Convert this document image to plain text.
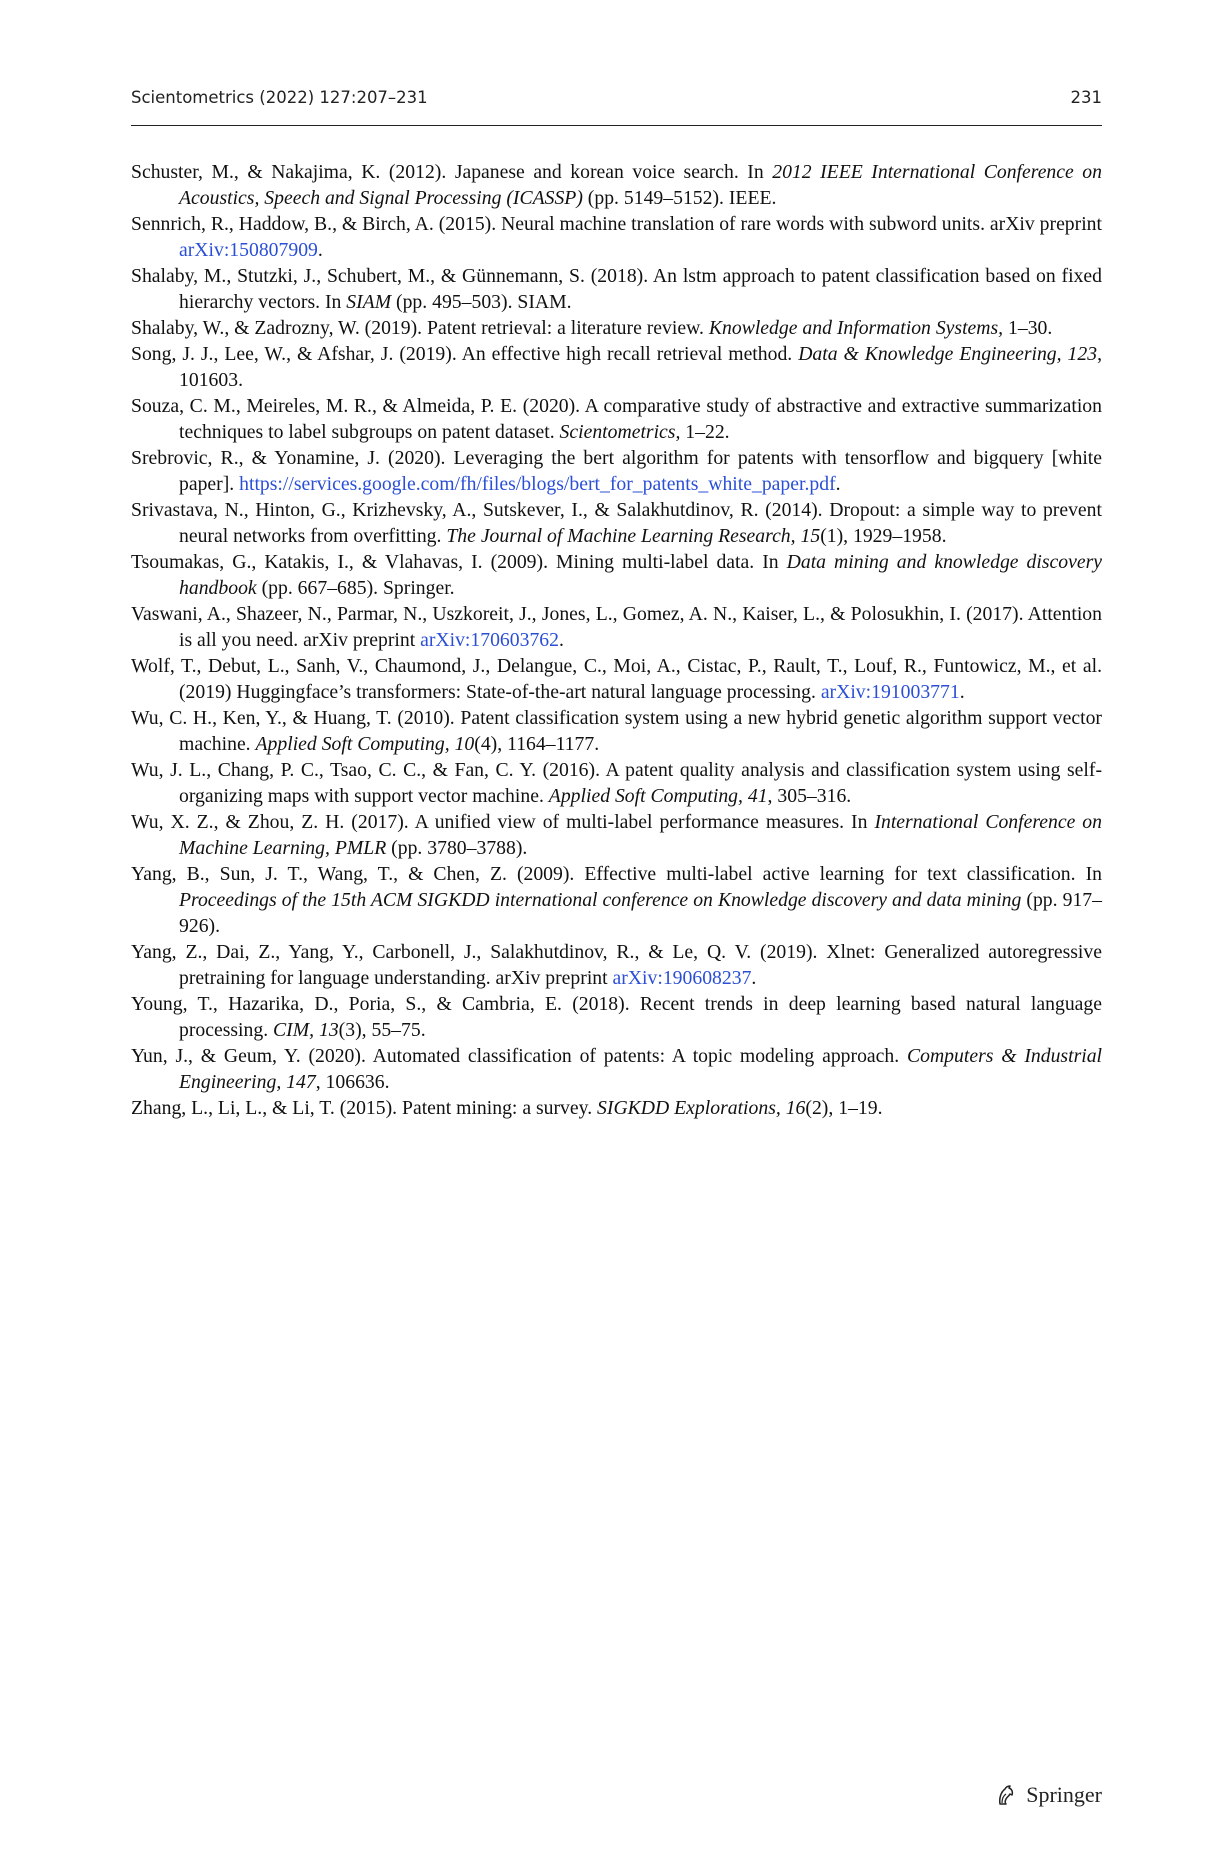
Scientometrics (2022) 127:207–231	231
Schuster, M., & Nakajima, K. (2012). Japanese and korean voice search. In 2012 IEEE International Conference on Acoustics, Speech and Signal Processing (ICASSP) (pp. 5149–5152). IEEE.
Sennrich, R., Haddow, B., & Birch, A. (2015). Neural machine translation of rare words with subword units. arXiv preprint arXiv:150807909.
Shalaby, M., Stutzki, J., Schubert, M., & Günnemann, S. (2018). An lstm approach to patent classification based on fixed hierarchy vectors. In SIAM (pp. 495–503). SIAM.
Shalaby, W., & Zadrozny, W. (2019). Patent retrieval: a literature review. Knowledge and Information Systems, 1–30.
Song, J. J., Lee, W., & Afshar, J. (2019). An effective high recall retrieval method. Data & Knowledge Engineering, 123, 101603.
Souza, C. M., Meireles, M. R., & Almeida, P. E. (2020). A comparative study of abstractive and extractive summarization techniques to label subgroups on patent dataset. Scientometrics, 1–22.
Srebrovic, R., & Yonamine, J. (2020). Leveraging the bert algorithm for patents with tensorflow and bigquery [white paper]. https://services.google.com/fh/files/blogs/bert_for_patents_white_paper.pdf.
Srivastava, N., Hinton, G., Krizhevsky, A., Sutskever, I., & Salakhutdinov, R. (2014). Dropout: a simple way to prevent neural networks from overfitting. The Journal of Machine Learning Research, 15(1), 1929–1958.
Tsoumakas, G., Katakis, I., & Vlahavas, I. (2009). Mining multi-label data. In Data mining and knowledge discovery handbook (pp. 667–685). Springer.
Vaswani, A., Shazeer, N., Parmar, N., Uszkoreit, J., Jones, L., Gomez, A. N., Kaiser, L., & Polosukhin, I. (2017). Attention is all you need. arXiv preprint arXiv:170603762.
Wolf, T., Debut, L., Sanh, V., Chaumond, J., Delangue, C., Moi, A., Cistac, P., Rault, T., Louf, R., Funtowicz, M., et al. (2019) Huggingface’s transformers: State-of-the-art natural language processing. arXiv:191003771.
Wu, C. H., Ken, Y., & Huang, T. (2010). Patent classification system using a new hybrid genetic algorithm support vector machine. Applied Soft Computing, 10(4), 1164–1177.
Wu, J. L., Chang, P. C., Tsao, C. C., & Fan, C. Y. (2016). A patent quality analysis and classification system using self-organizing maps with support vector machine. Applied Soft Computing, 41, 305–316.
Wu, X. Z., & Zhou, Z. H. (2017). A unified view of multi-label performance measures. In International Conference on Machine Learning, PMLR (pp. 3780–3788).
Yang, B., Sun, J. T., Wang, T., & Chen, Z. (2009). Effective multi-label active learning for text classification. In Proceedings of the 15th ACM SIGKDD international conference on Knowledge discovery and data mining (pp. 917–926).
Yang, Z., Dai, Z., Yang, Y., Carbonell, J., Salakhutdinov, R., & Le, Q. V. (2019). Xlnet: Generalized autoregressive pretraining for language understanding. arXiv preprint arXiv:190608237.
Young, T., Hazarika, D., Poria, S., & Cambria, E. (2018). Recent trends in deep learning based natural language processing. CIM, 13(3), 55–75.
Yun, J., & Geum, Y. (2020). Automated classification of patents: A topic modeling approach. Computers & Industrial Engineering, 147, 106636.
Zhang, L., Li, L., & Li, T. (2015). Patent mining: a survey. SIGKDD Explorations, 16(2), 1–19.
Springer
